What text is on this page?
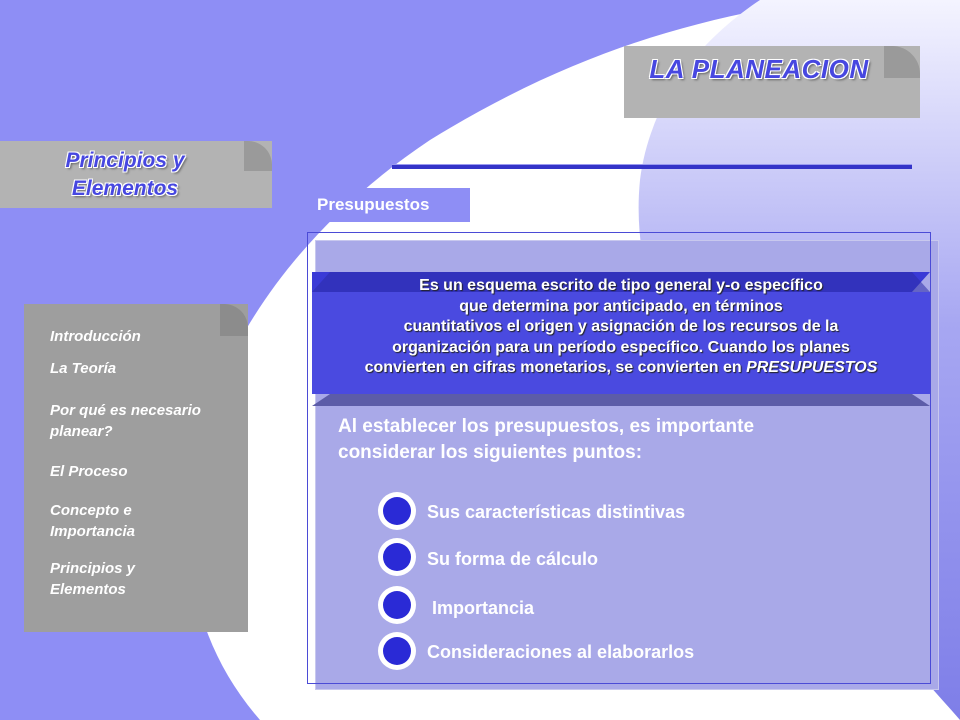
LA PLANEACION
Principios y
Elementos
Introducción
La Teoría
Por qué es necesario
planear?
El Proceso
Concepto e
Importancia
Principios y
Elementos
Presupuestos
Es un esquema escrito de tipo general y-o específico
que determina por anticipado, en términos
cuantitativos el origen y asignación de los recursos de la
organización para un período específico. Cuando los planes
convierten en cifras monetarios, se convierten en PRESUPUESTOS
Al establecer los presupuestos, es importante
considerar los siguientes puntos:
Sus características distintivas
Su forma de cálculo
Importancia
Consideraciones al elaborarlos
